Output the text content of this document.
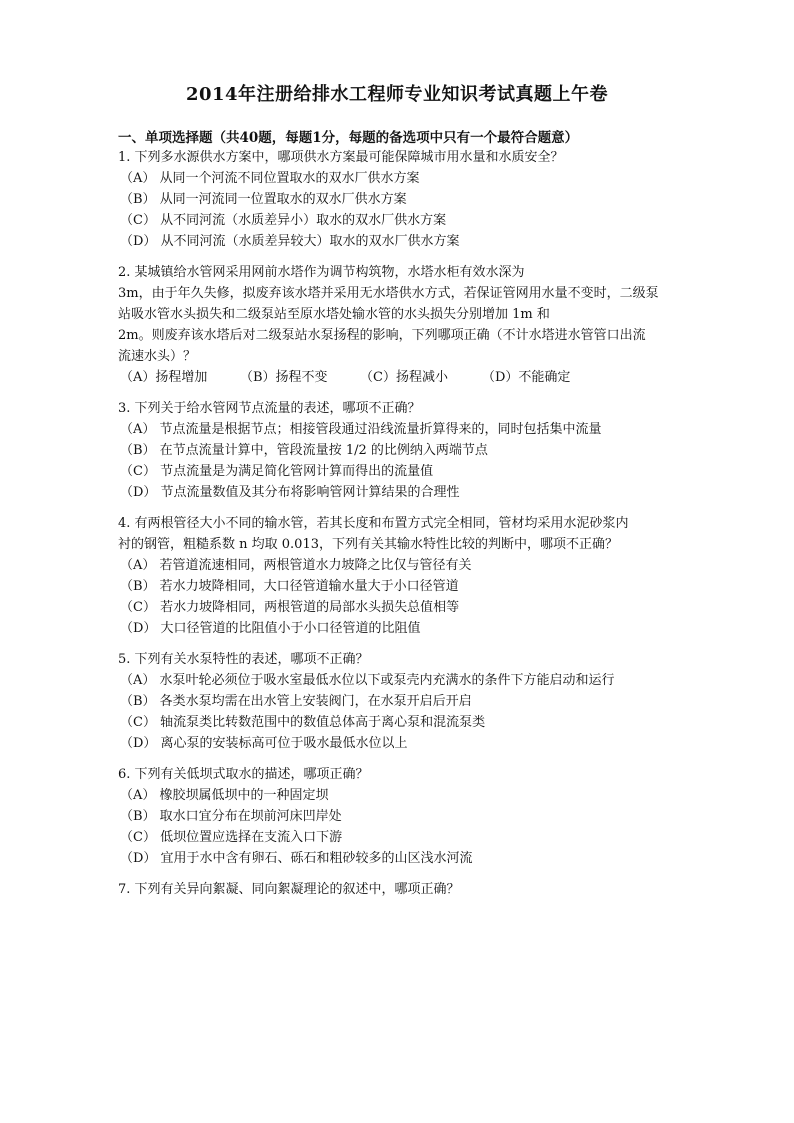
2014年注册给排水工程师专业知识考试真题上午卷
一、单项选择题（共40题，每题1分，每题的备选项中只有一个最符合题意）
1. 下列多水源供水方案中，哪项供水方案最可能保障城市用水量和水质安全？
（A） 从同一个河流不同位置取水的双水厂供水方案
（B） 从同一河流同一位置取水的双水厂供水方案
（C） 从不同河流（水质差异小）取水的双水厂供水方案
（D） 从不同河流（水质差异较大）取水的双水厂供水方案
2. 某城镇给水管网采用网前水塔作为调节构筑物，水塔水柜有效水深为
3m，由于年久失修，拟废弃该水塔并采用无水塔供水方式，若保证管网用水量不变时，二级泵
站吸水管水头损失和二级泵站至原水塔处输水管的水头损失分别增加 1m 和
2m。则废弃该水塔后对二级泵站水泵扬程的影响，下列哪项正确（不计水塔进水管管口出流
流速水头）？
（A）扬程增加	（B）扬程不变 （C）扬程减小	（D）不能确定
3. 下列关于给水管网节点流量的表述，哪项不正确？
（A） 节点流量是根据节点；相接管段通过沿线流量折算得来的，同时包括集中流量
（B） 在节点流量计算中，管段流量按 1/2 的比例纳入两端节点
（C） 节点流量是为满足简化管网计算而得出的流量值
（D） 节点流量数值及其分布将影响管网计算结果的合理性
4. 有两根管径大小不同的输水管，若其长度和布置方式完全相同，管材均采用水泥砂浆内
衬的钢管，粗糙系数 n 均取 0.013，下列有关其输水特性比较的判断中，哪项不正确？
（A） 若管道流速相同，两根管道水力坡降之比仅与管径有关
（B） 若水力坡降相同，大口径管道输水量大于小口径管道
（C） 若水力坡降相同，两根管道的局部水头损失总值相等
（D） 大口径管道的比阻值小于小口径管道的比阻值
5. 下列有关水泵特性的表述，哪项不正确？
（A） 水泵叶轮必须位于吸水室最低水位以下或泵壳内充满水的条件下方能启动和运行
（B） 各类水泵均需在出水管上安装阀门，在水泵开启后开启
（C） 轴流泵类比转数范围中的数值总体高于离心泵和混流泵类
（D） 离心泵的安装标高可位于吸水最低水位以上
6. 下列有关低坝式取水的描述，哪项正确？
（A） 橡胶坝属低坝中的一种固定坝
（B） 取水口宜分布在坝前河床凹岸处
（C） 低坝位置应选择在支流入口下游
（D） 宜用于水中含有卵石、砾石和粗砂较多的山区浅水河流
7. 下列有关异向絮凝、同向絮凝理论的叙述中，哪项正确？
